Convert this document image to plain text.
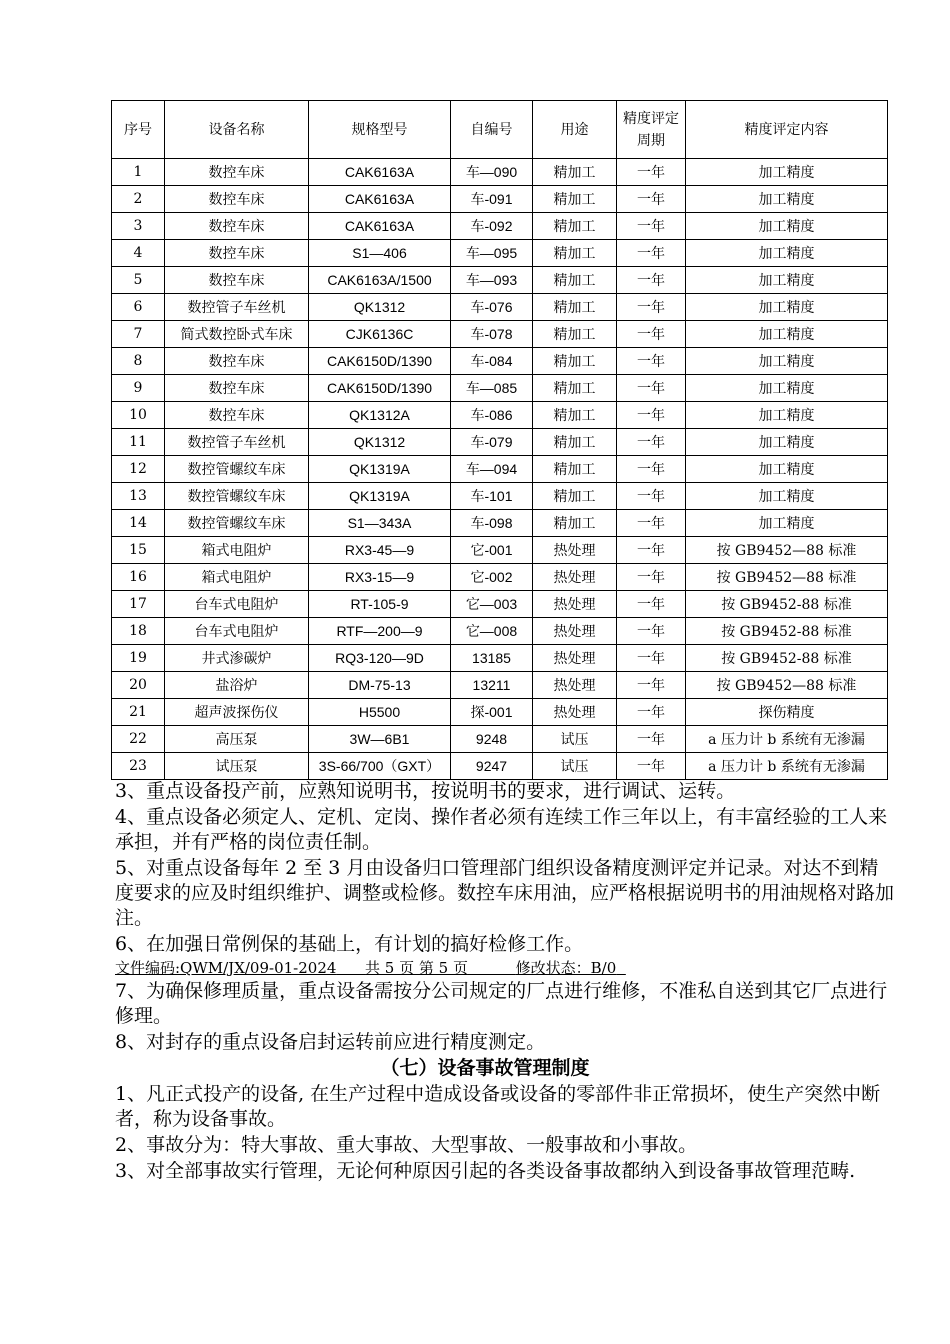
序号	设备名称	规格型号	自编号	用途	精度评定周期	精度评定内容
1	数控车床	CAK6163A	车—090	精加工	一年	加工精度
2	数控车床	CAK6163A	车-091	精加工	一年	加工精度
3	数控车床	CAK6163A	车-092	精加工	一年	加工精度
4	数控车床	S1—406	车—095	精加工	一年	加工精度
5	数控车床	CAK6163A/1500	车—093	精加工	一年	加工精度
6	数控管子车丝机	QK1312	车-076	精加工	一年	加工精度
7	简式数控卧式车床	CJK6136C	车-078	精加工	一年	加工精度
8	数控车床	CAK6150D/1390	车-084	精加工	一年	加工精度
9	数控车床	CAK6150D/1390	车—085	精加工	一年	加工精度
10	数控车床	QK1312A	车-086	精加工	一年	加工精度
11	数控管子车丝机	QK1312	车-079	精加工	一年	加工精度
12	数控管螺纹车床	QK1319A	车—094	精加工	一年	加工精度
13	数控管螺纹车床	QK1319A	车-101	精加工	一年	加工精度
14	数控管螺纹车床	S1—343A	车-098	精加工	一年	加工精度
15	箱式电阻炉	RX3-45—9	它-001	热处理	一年	按 GB9452—88 标准
16	箱式电阻炉	RX3-15—9	它-002	热处理	一年	按 GB9452—88 标准
17	台车式电阻炉	RT-105-9	它—003	热处理	一年	按 GB9452-88 标准
18	台车式电阻炉	RTF—200—9	它—008	热处理	一年	按 GB9452-88 标准
19	井式渗碳炉	RQ3-120—9D	13185	热处理	一年	按 GB9452-88 标准
20	盐浴炉	DM-75-13	13211	热处理	一年	按 GB9452—88 标准
21	超声波探伤仪	H5500	探-001	热处理	一年	探伤精度
22	高压泵	3W—6B1	9248	试压	一年	a 压力计 b 系统有无渗漏
23	试压泵	3S-66/700（GXT）	9247	试压	一年	a 压力计 b 系统有无渗漏

3、重点设备投产前，应熟知说明书，按说明书的要求，进行调试、运转。

4、重点设备必须定人、定机、定岗、操作者必须有连续工作三年以上，有丰富经验的工人来承担，并有严格的岗位责任制。

5、对重点设备每年 2 至 3 月由设备归口管理部门组织设备精度测评定并记录。对达不到精度要求的应及时组织维护、调整或检修。数控车床用油，应严格根据说明书的用油规格对路加注。

6、在加强日常例保的基础上，有计划的搞好检修工作。

文件编码:QWM/JX/09-01-2024 共 5 页 第 5 页	修改状态：B/0

7、为确保修理质量，重点设备需按分公司规定的厂点进行维修，不准私自送到其它厂点进行修理。

8、对封存的重点设备启封运转前应进行精度测定。

（七）设备事故管理制度

1、凡正式投产的设备, 在生产过程中造成设备或设备的零部件非正常损坏，使生产突然中断者，称为设备事故。

2、事故分为：特大事故、重大事故、大型事故、一般事故和小事故。

3、对全部事故实行管理，无论何种原因引起的各类设备事故都纳入到设备事故管理范畴.
